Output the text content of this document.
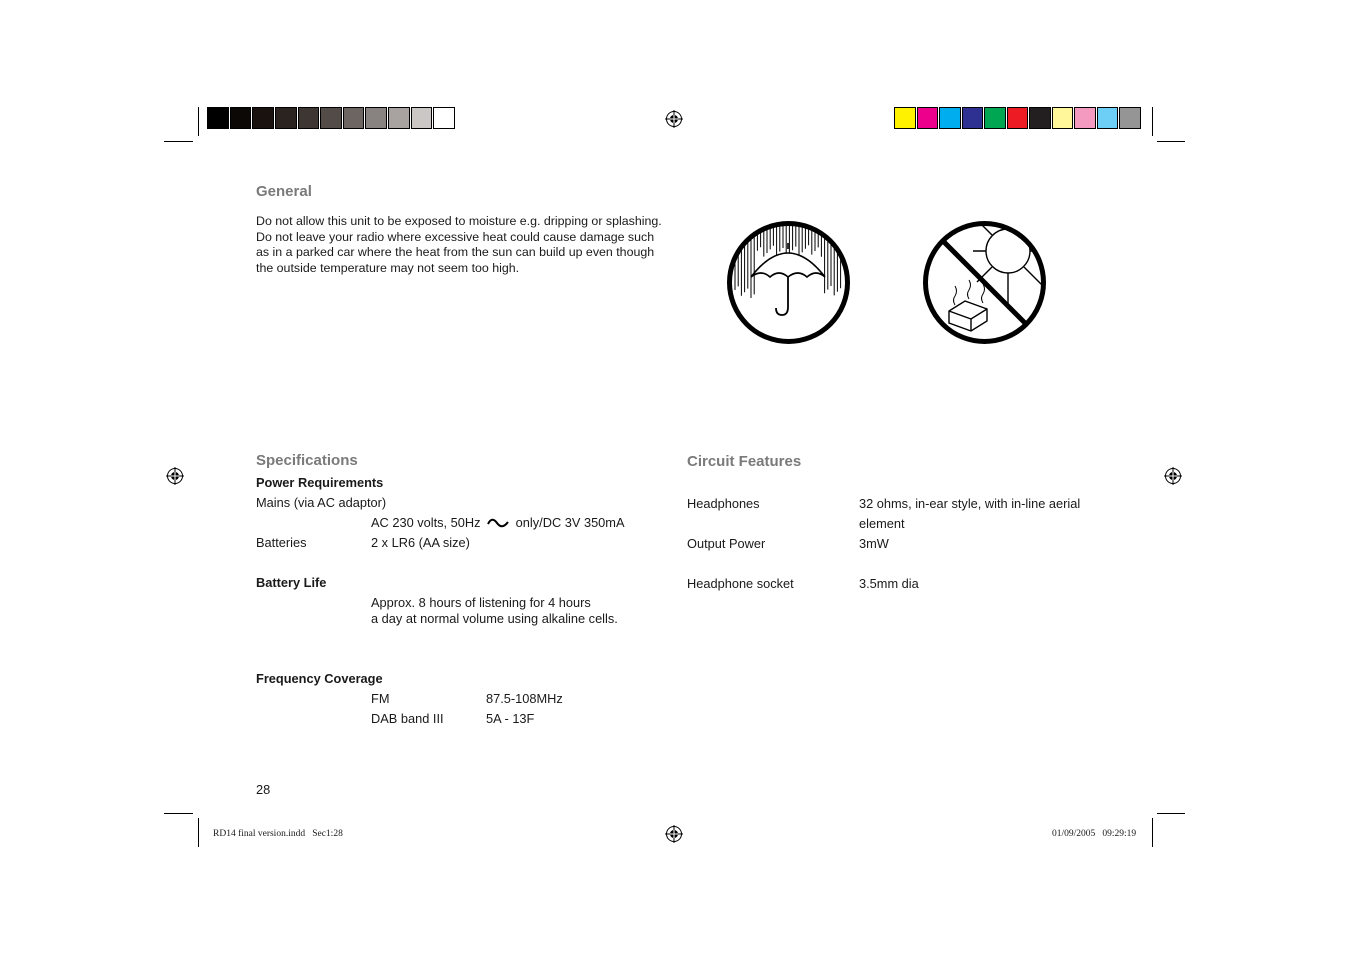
General
Do not allow this unit to be exposed to moisture e.g. dripping or splashing.
Do not leave your radio where excessive heat could cause damage such
as in a parked car where the heat from the sun can build up even though
the outside temperature may not seem too high.
Specifications
Power Requirements
Mains (via AC adaptor)
AC 230 volts, 50Hz	only/DC 3V 350mA
Batteries	2 x LR6 (AA size)
Battery Life
Approx. 8 hours of listening for 4 hours
a day at normal volume using alkaline cells.
Frequency Coverage
FM	87.5-108MHz
DAB band III	5A - 13F
Circuit Features
Headphones	32 ohms, in-ear style, with in-line aerial
element
Output Power	3mW
Headphone socket	3.5mm dia
28
RD14 final version.indd   Sec1:28	01/09/2005   09:29:19
